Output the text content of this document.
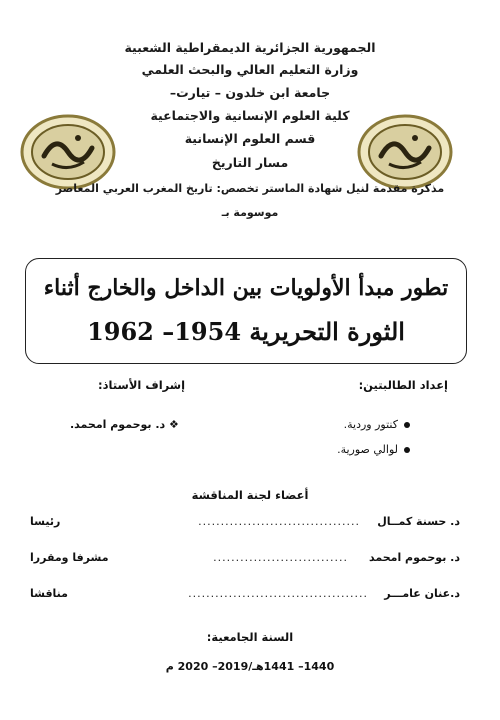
الجمهورية الجزائرية الديمقراطية الشعبية
وزارة التعليم العالي والبحث العلمي
جامعة ابن خلدون – تيارت–
كلية العلوم الإنسانية والاجتماعية
قسم العلوم الإنسانية
مسار التاريخ
مذكرة مقدمة لنيل شهادة الماستر تخصص: تاريخ المغرب العربي المعاصر
موسومة بـ
تطور مبدأ الأولويات بين الداخل والخارج أثناء
الثورة التحريرية 1954– 1962
إعداد الطالبتين:
إشراف الأستاذ:
كنتور وردية.
لوالي صورية.
❖ د. بوحموم امحمد.
أعضاء لجنة المناقشة
د. حسنة كمــال
....................................
رئيسا
د. بوحموم امحمد
..............................
مشرفا ومقررا
د.عنان عامـــر
........................................
مناقشا
السنة الجامعية:
1440– 1441هـ/2019– 2020 م
